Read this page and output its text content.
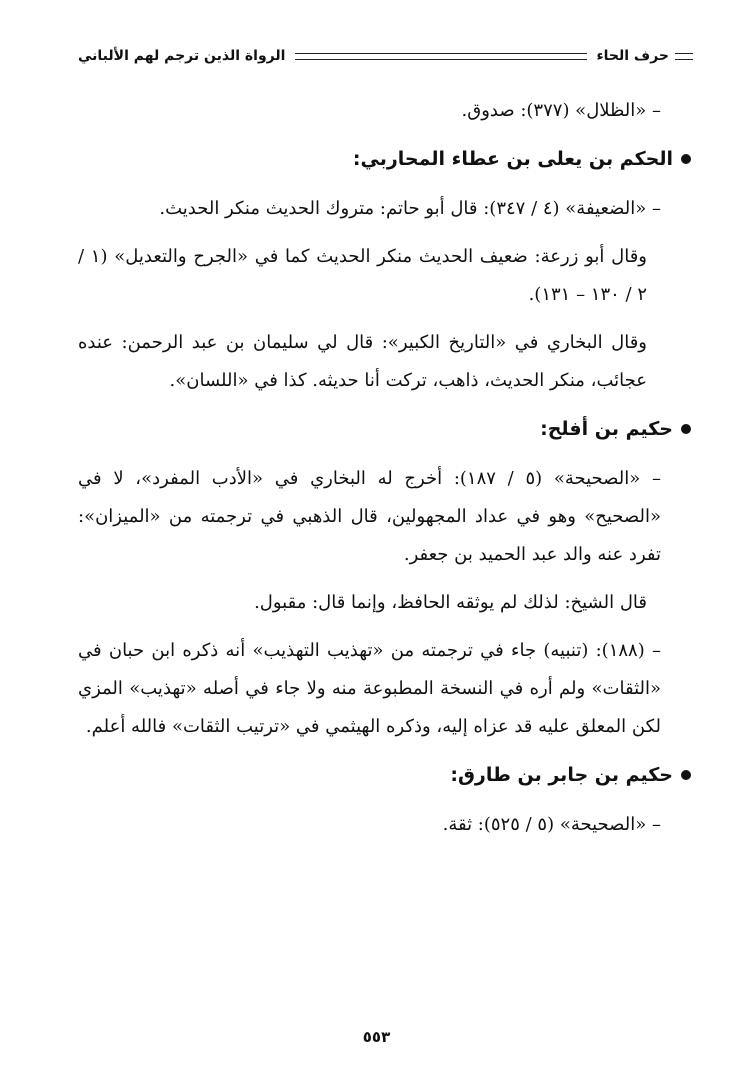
حرف الحاء
الرواة الذين ترجم لهم الألباني

– «الظلال» (٣٧٧): صدوق.

الحكم بن يعلى بن عطاء المحاربي:

– «الضعيفة» (٤ / ٣٤٧): قال أبو حاتم: متروك الحديث منكر الحديث.

وقال أبو زرعة: ضعيف الحديث منكر الحديث كما في «الجرح والتعديل» (١ / ٢ / ١٣٠ – ١٣١).

وقال البخاري في «التاريخ الكبير»: قال لي سليمان بن عبد الرحمن: عنده عجائب، منكر الحديث، ذاهب، تركت أنا حديثه. كذا في «اللسان».

حكيم بن أفلح:

– «الصحيحة» (٥ / ١٨٧): أخرج له البخاري في «الأدب المفرد»، لا في «الصحيح» وهو في عداد المجهولين، قال الذهبي في ترجمته من «الميزان»: تفرد عنه والد عبد الحميد بن جعفر.

قال الشيخ: لذلك لم يوثقه الحافظ، وإنما قال: مقبول.

– (١٨٨): (تنبيه) جاء في ترجمته من «تهذيب التهذيب» أنه ذكره ابن حبان في «الثقات» ولم أره في النسخة المطبوعة منه ولا جاء في أصله «تهذيب» المزي لكن المعلق عليه قد عزاه إليه، وذكره الهيثمي في «ترتيب الثقات» فالله أعلم.

حكيم بن جابر بن طارق:

– «الصحيحة» (٥ / ٥٢٥): ثقة.

٥٥٣
